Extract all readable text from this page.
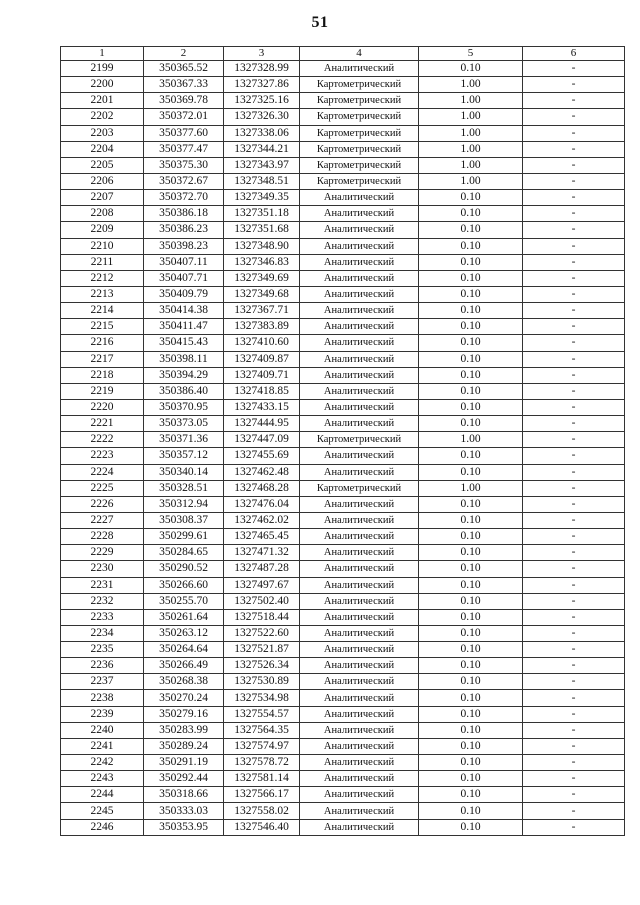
51
1	2	3	4	5	6
2199	350365.52	1327328.99	Аналитический	0.10	-
2200	350367.33	1327327.86	Картометрический	1.00	-
2201	350369.78	1327325.16	Картометрический	1.00	-
2202	350372.01	1327326.30	Картометрический	1.00	-
2203	350377.60	1327338.06	Картометрический	1.00	-
2204	350377.47	1327344.21	Картометрический	1.00	-
2205	350375.30	1327343.97	Картометрический	1.00	-
2206	350372.67	1327348.51	Картометрический	1.00	-
2207	350372.70	1327349.35	Аналитический	0.10	-
2208	350386.18	1327351.18	Аналитический	0.10	-
2209	350386.23	1327351.68	Аналитический	0.10	-
2210	350398.23	1327348.90	Аналитический	0.10	-
2211	350407.11	1327346.83	Аналитический	0.10	-
2212	350407.71	1327349.69	Аналитический	0.10	-
2213	350409.79	1327349.68	Аналитический	0.10	-
2214	350414.38	1327367.71	Аналитический	0.10	-
2215	350411.47	1327383.89	Аналитический	0.10	-
2216	350415.43	1327410.60	Аналитический	0.10	-
2217	350398.11	1327409.87	Аналитический	0.10	-
2218	350394.29	1327409.71	Аналитический	0.10	-
2219	350386.40	1327418.85	Аналитический	0.10	-
2220	350370.95	1327433.15	Аналитический	0.10	-
2221	350373.05	1327444.95	Аналитический	0.10	-
2222	350371.36	1327447.09	Картометрический	1.00	-
2223	350357.12	1327455.69	Аналитический	0.10	-
2224	350340.14	1327462.48	Аналитический	0.10	-
2225	350328.51	1327468.28	Картометрический	1.00	-
2226	350312.94	1327476.04	Аналитический	0.10	-
2227	350308.37	1327462.02	Аналитический	0.10	-
2228	350299.61	1327465.45	Аналитический	0.10	-
2229	350284.65	1327471.32	Аналитический	0.10	-
2230	350290.52	1327487.28	Аналитический	0.10	-
2231	350266.60	1327497.67	Аналитический	0.10	-
2232	350255.70	1327502.40	Аналитический	0.10	-
2233	350261.64	1327518.44	Аналитический	0.10	-
2234	350263.12	1327522.60	Аналитический	0.10	-
2235	350264.64	1327521.87	Аналитический	0.10	-
2236	350266.49	1327526.34	Аналитический	0.10	-
2237	350268.38	1327530.89	Аналитический	0.10	-
2238	350270.24	1327534.98	Аналитический	0.10	-
2239	350279.16	1327554.57	Аналитический	0.10	-
2240	350283.99	1327564.35	Аналитический	0.10	-
2241	350289.24	1327574.97	Аналитический	0.10	-
2242	350291.19	1327578.72	Аналитический	0.10	-
2243	350292.44	1327581.14	Аналитический	0.10	-
2244	350318.66	1327566.17	Аналитический	0.10	-
2245	350333.03	1327558.02	Аналитический	0.10	-
2246	350353.95	1327546.40	Аналитический	0.10	-
